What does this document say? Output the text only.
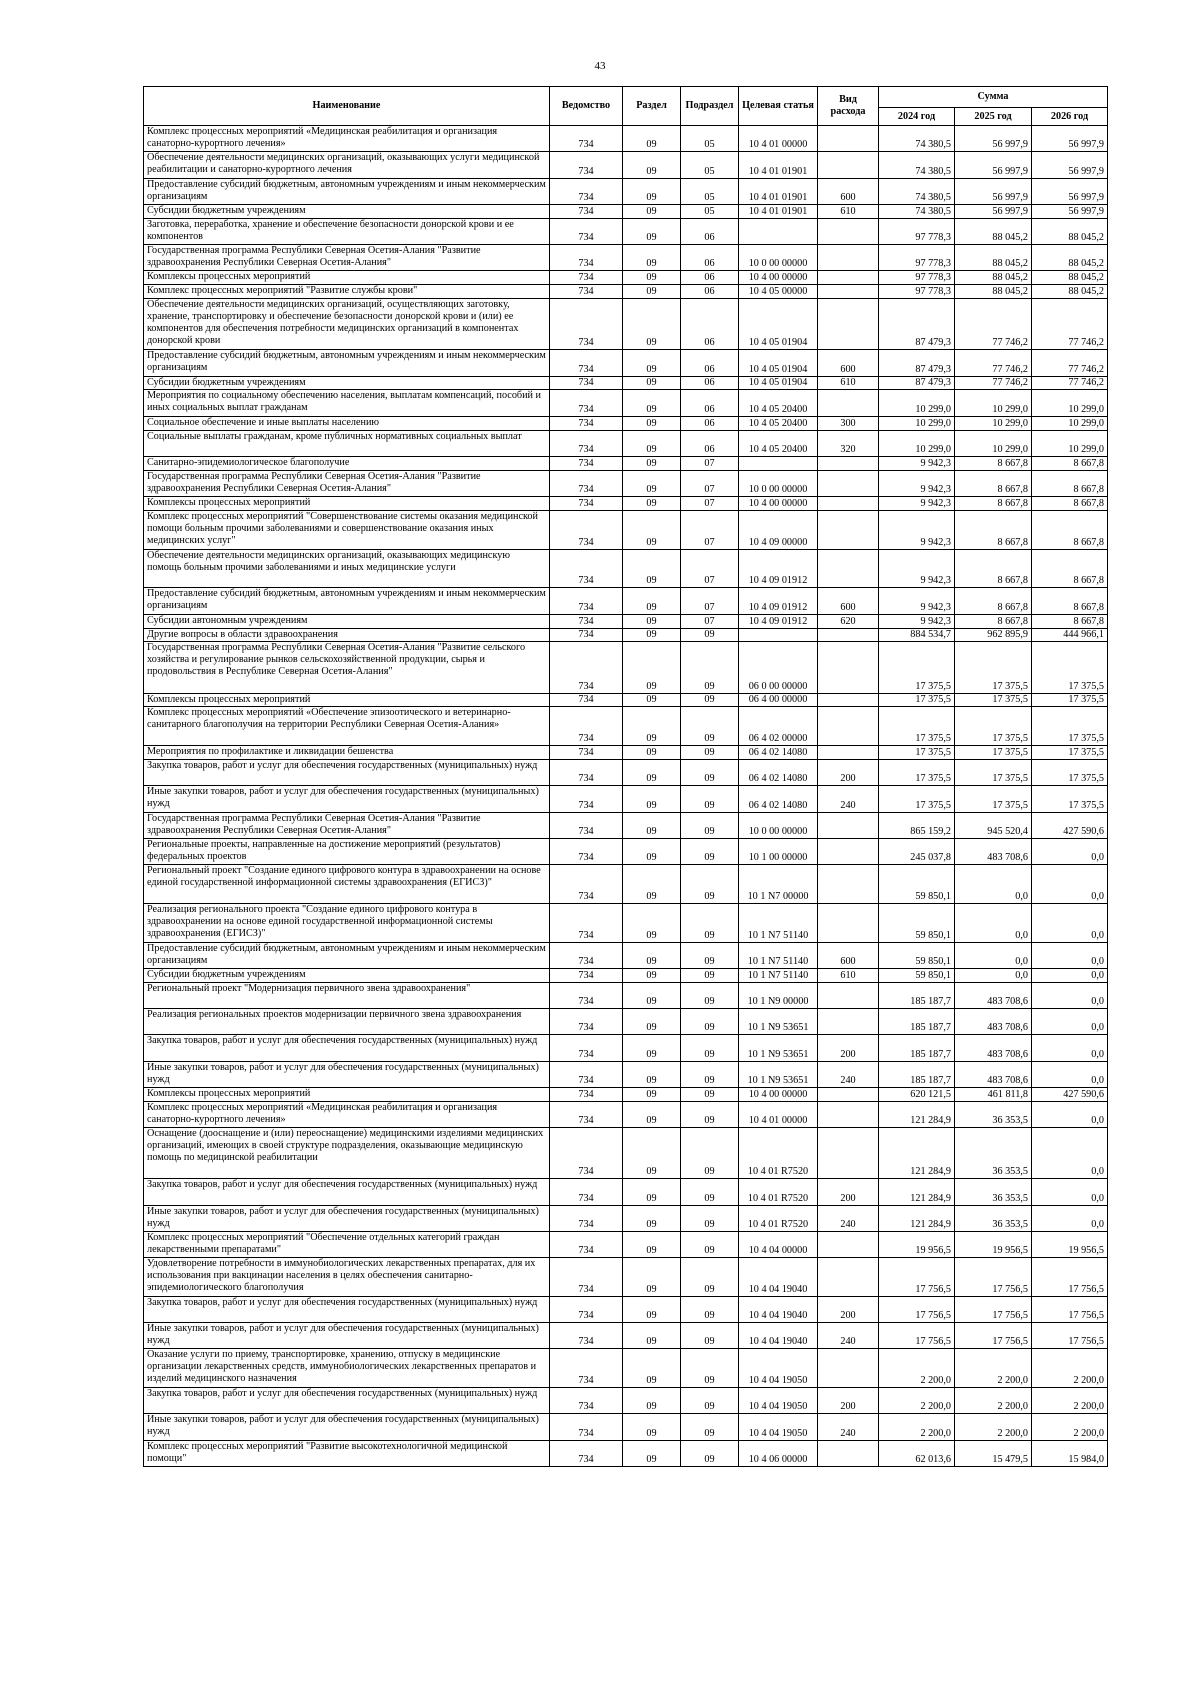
43
Наименование	Ведомство	Раздел	Подраздел	Целевая статья	Вид расхода	Сумма		
						2024 год	2025 год	2026 год
Комплекс процессных мероприятий «Медицинская реабилитация и организация санаторно-курортного лечения»	734	09	05	10 4 01 00000		74 380,5	56 997,9	56 997,9
Обеспечение деятельности медицинских организаций, оказывающих услуги медицинской реабилитации и санаторно-курортного лечения	734	09	05	10 4 01 01901		74 380,5	56 997,9	56 997,9
Предоставление субсидий бюджетным, автономным учреждениям и иным некоммерческим организациям	734	09	05	10 4 01 01901	600	74 380,5	56 997,9	56 997,9
Субсидии бюджетным учреждениям	734	09	05	10 4 01 01901	610	74 380,5	56 997,9	56 997,9
Заготовка, переработка, хранение и обеспечение безопасности донорской крови и ее компонентов	734	09	06			97 778,3	88 045,2	88 045,2
Государственная программа Республики Северная Осетия-Алания "Развитие здравоохранения Республики Северная Осетия-Алания"	734	09	06	10 0 00 00000		97 778,3	88 045,2	88 045,2
Комплексы процессных мероприятий	734	09	06	10 4 00 00000		97 778,3	88 045,2	88 045,2
Комплекс процессных мероприятий "Развитие службы крови"	734	09	06	10 4 05 00000		97 778,3	88 045,2	88 045,2
Обеспечение деятельности медицинских организаций, осуществляющих заготовку, хранение, транспортировку и обеспечение безопасности донорской крови и (или) ее компонентов для обеспечения потребности медицинских организаций в компонентах донорской крови	734	09	06	10 4 05 01904		87 479,3	77 746,2	77 746,2
Предоставление субсидий бюджетным, автономным учреждениям и иным некоммерческим организациям	734	09	06	10 4 05 01904	600	87 479,3	77 746,2	77 746,2
Субсидии бюджетным учреждениям	734	09	06	10 4 05 01904	610	87 479,3	77 746,2	77 746,2
Мероприятия по социальному обеспечению населения, выплатам компенсаций, пособий и иных социальных выплат гражданам	734	09	06	10 4 05 20400		10 299,0	10 299,0	10 299,0
Социальное обеспечение и иные выплаты населению	734	09	06	10 4 05 20400	300	10 299,0	10 299,0	10 299,0
Социальные выплаты гражданам, кроме публичных нормативных социальных выплат	734	09	06	10 4 05 20400	320	10 299,0	10 299,0	10 299,0
Санитарно-эпидемиологическое благополучие	734	09	07			9 942,3	8 667,8	8 667,8
Государственная программа Республики Северная Осетия-Алания "Развитие здравоохранения Республики Северная Осетия-Алания"	734	09	07	10 0 00 00000		9 942,3	8 667,8	8 667,8
Комплексы процессных мероприятий	734	09	07	10 4 00 00000		9 942,3	8 667,8	8 667,8
Комплекс процессных мероприятий "Совершенствование системы оказания медицинской помощи больным прочими заболеваниями и совершенствование оказания иных медицинских услуг"	734	09	07	10 4 09 00000		9 942,3	8 667,8	8 667,8
Обеспечение деятельности медицинских организаций, оказывающих медицинскую помощь больным прочими заболеваниями и иных медицинские услуги	734	09	07	10 4 09 01912		9 942,3	8 667,8	8 667,8
Предоставление субсидий бюджетным, автономным учреждениям и иным некоммерческим организациям	734	09	07	10 4 09 01912	600	9 942,3	8 667,8	8 667,8
Субсидии автономным учреждениям	734	09	07	10 4 09 01912	620	9 942,3	8 667,8	8 667,8
Другие вопросы в области здравоохранения	734	09	09			884 534,7	962 895,9	444 966,1
Государственная программа Республики Северная Осетия-Алания "Развитие сельского хозяйства и регулирование рынков сельскохозяйственной продукции, сырья и продовольствия в Республике Северная Осетия-Алания"	734	09	09	06 0 00 00000		17 375,5	17 375,5	17 375,5
Комплексы процессных мероприятий	734	09	09	06 4 00 00000		17 375,5	17 375,5	17 375,5
Комплекс процессных мероприятий «Обеспечение эпизоотического и ветеринарно-санитарного благополучия на территории Республики Северная Осетия-Алания»	734	09	09	06 4 02 00000		17 375,5	17 375,5	17 375,5
Мероприятия по профилактике и ликвидации бешенства	734	09	09	06 4 02 14080		17 375,5	17 375,5	17 375,5
Закупка товаров, работ и услуг для обеспечения государственных (муниципальных) нужд	734	09	09	06 4 02 14080	200	17 375,5	17 375,5	17 375,5
Иные закупки товаров, работ и услуг для обеспечения государственных (муниципальных) нужд	734	09	09	06 4 02 14080	240	17 375,5	17 375,5	17 375,5
Государственная программа Республики Северная Осетия-Алания "Развитие здравоохранения Республики Северная Осетия-Алания"	734	09	09	10 0 00 00000		865 159,2	945 520,4	427 590,6
Региональные проекты, направленные на достижение мероприятий (результатов) федеральных проектов	734	09	09	10 1 00 00000		245 037,8	483 708,6	0,0
Региональный проект "Создание единого цифрового контура в здравоохранении на основе единой государственной информационной системы здравоохранения (ЕГИСЗ)"	734	09	09	10 1 N7 00000		59 850,1	0,0	0,0
Реализация регионального проекта "Создание единого цифрового контура в здравоохранении на основе единой государственной информационной системы здравоохранения (ЕГИСЗ)"	734	09	09	10 1 N7 51140		59 850,1	0,0	0,0
Предоставление субсидий бюджетным, автономным учреждениям и иным некоммерческим организациям	734	09	09	10 1 N7 51140	600	59 850,1	0,0	0,0
Субсидии бюджетным учреждениям	734	09	09	10 1 N7 51140	610	59 850,1	0,0	0,0
Региональный проект "Модернизация первичного звена здравоохранения"	734	09	09	10 1 N9 00000		185 187,7	483 708,6	0,0
Реализация региональных проектов модернизации первичного звена здравоохранения	734	09	09	10 1 N9 53651		185 187,7	483 708,6	0,0
Закупка товаров, работ и услуг для обеспечения государственных (муниципальных) нужд	734	09	09	10 1 N9 53651	200	185 187,7	483 708,6	0,0
Иные закупки товаров, работ и услуг для обеспечения государственных (муниципальных) нужд	734	09	09	10 1 N9 53651	240	185 187,7	483 708,6	0,0
Комплексы процессных мероприятий	734	09	09	10 4 00 00000		620 121,5	461 811,8	427 590,6
Комплекс процессных мероприятий «Медицинская реабилитация и организация санаторно-курортного лечения»	734	09	09	10 4 01 00000		121 284,9	36 353,5	0,0
Оснащение (дооснащение и (или) переоснащение) медицинскими изделиями медицинских организаций, имеющих в своей структуре подразделения, оказывающие медицинскую помощь по медицинской реабилитации	734	09	09	10 4 01 R7520		121 284,9	36 353,5	0,0
Закупка товаров, работ и услуг для обеспечения государственных (муниципальных) нужд	734	09	09	10 4 01 R7520	200	121 284,9	36 353,5	0,0
Иные закупки товаров, работ и услуг для обеспечения государственных (муниципальных) нужд	734	09	09	10 4 01 R7520	240	121 284,9	36 353,5	0,0
Комплекс процессных мероприятий "Обеспечение отдельных категорий граждан лекарственными препаратами"	734	09	09	10 4 04 00000		19 956,5	19 956,5	19 956,5
Удовлетворение потребности в иммунобиологических лекарственных препаратах, для их использования при вакцинации населения в целях обеспечения санитарно-эпидемиологического благополучия	734	09	09	10 4 04 19040		17 756,5	17 756,5	17 756,5
Закупка товаров, работ и услуг для обеспечения государственных (муниципальных) нужд	734	09	09	10 4 04 19040	200	17 756,5	17 756,5	17 756,5
Иные закупки товаров, работ и услуг для обеспечения государственных (муниципальных) нужд	734	09	09	10 4 04 19040	240	17 756,5	17 756,5	17 756,5
Оказание услуги по приему, транспортировке, хранению, отпуску в медицинские организации лекарственных средств, иммунобиологических лекарственных препаратов и изделий медицинского назначения	734	09	09	10 4 04 19050		2 200,0	2 200,0	2 200,0
Закупка товаров, работ и услуг для обеспечения государственных (муниципальных) нужд	734	09	09	10 4 04 19050	200	2 200,0	2 200,0	2 200,0
Иные закупки товаров, работ и услуг для обеспечения государственных (муниципальных) нужд	734	09	09	10 4 04 19050	240	2 200,0	2 200,0	2 200,0
Комплекс процессных мероприятий "Развитие высокотехнологичной медицинской помощи"	734	09	09	10 4 06 00000		62 013,6	15 479,5	15 984,0
